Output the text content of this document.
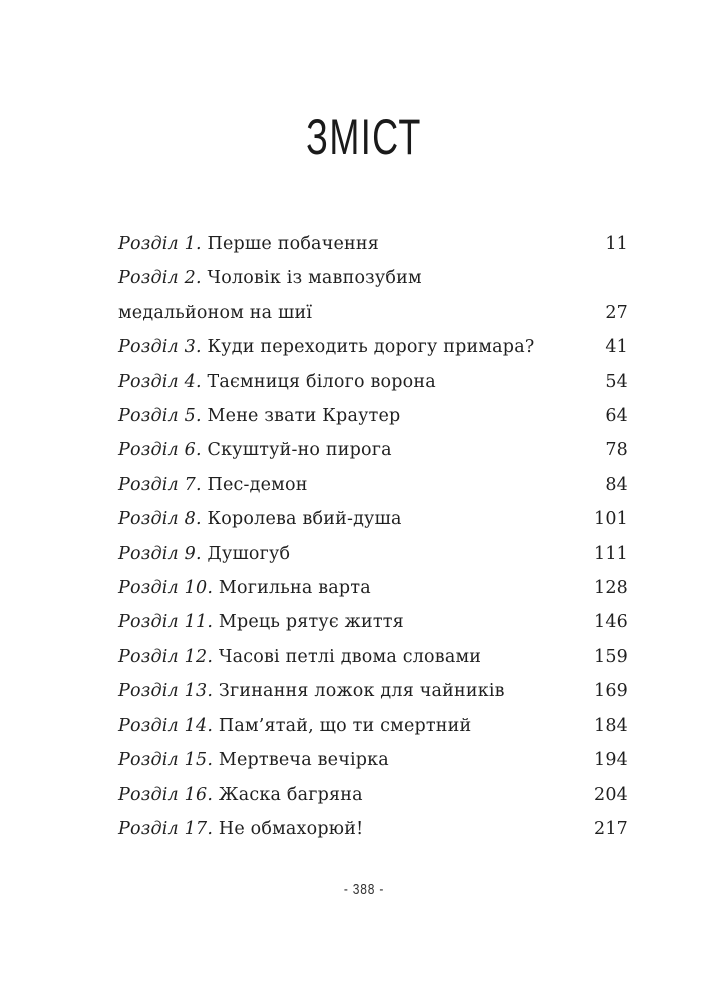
ЗМІСТ
Розділ 1. Перше побачення	11
Розділ 2. Чоловік із мавпозубим
медальйоном на шиї	27
Розділ 3. Куди переходить дорогу примара?	41
Розділ 4. Таємниця білого ворона	54
Розділ 5. Мене звати Краутер	64
Розділ 6. Скуштуй-но пирога	78
Розділ 7. Пес-демон	84
Розділ 8. Королева вбий-душа	101
Розділ 9. Душогуб	111
Розділ 10. Могильна варта	128
Розділ 11. Мрець рятує життя	146
Розділ 12. Часові петлі двома словами	159
Розділ 13. Згинання ложок для чайників	169
Розділ 14. Пам’ятай, що ти смертний	184
Розділ 15. Мертвеча вечірка	194
Розділ 16. Жаска багряна	204
Розділ 17. Не обмахорюй!	217
- 388 -
